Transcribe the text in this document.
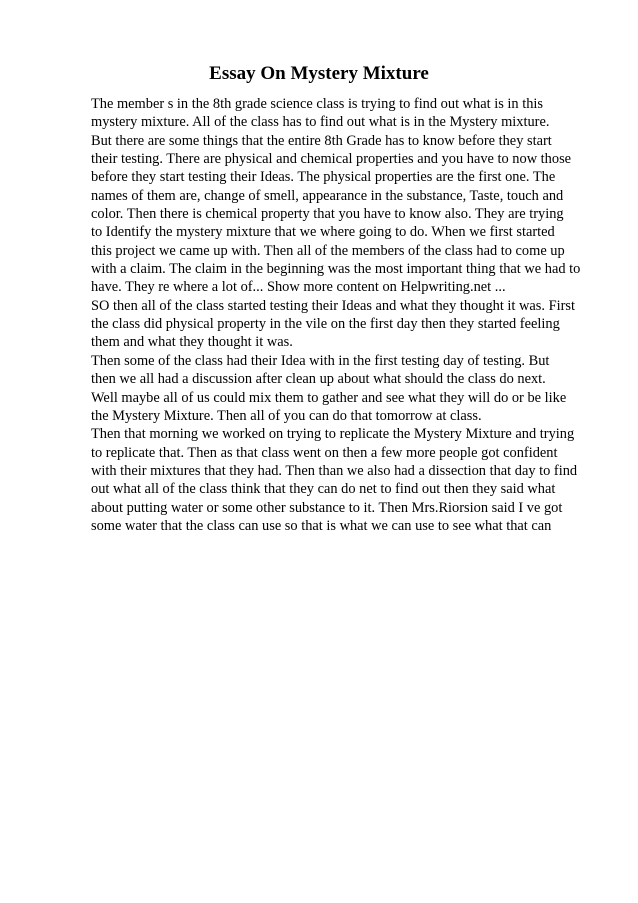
Essay On Mystery Mixture
The member s in the 8th grade science class is trying to find out what is in this
mystery mixture. All of the class has to find out what is in the Mystery mixture.
But there are some things that the entire 8th Grade has to know before they start
their testing. There are physical and chemical properties and you have to now those
before they start testing their Ideas. The physical properties are the first one. The
names of them are, change of smell, appearance in the substance, Taste, touch and
color. Then there is chemical property that you have to know also. They are trying
to Identify the mystery mixture that we where going to do. When we first started
this project we came up with. Then all of the members of the class had to come up
with a claim. The claim in the beginning was the most important thing that we had to
have. They re where a lot of... Show more content on Helpwriting.net ...
SO then all of the class started testing their Ideas and what they thought it was. First
the class did physical property in the vile on the first day then they started feeling
them and what they thought it was.
Then some of the class had their Idea with in the first testing day of testing. But
then we all had a discussion after clean up about what should the class do next.
Well maybe all of us could mix them to gather and see what they will do or be like
the Mystery Mixture. Then all of you can do that tomorrow at class.
Then that morning we worked on trying to replicate the Mystery Mixture and trying
to replicate that. Then as that class went on then a few more people got confident
with their mixtures that they had. Then than we also had a dissection that day to find
out what all of the class think that they can do net to find out then they said what
about putting water or some other substance to it. Then Mrs.Riorsion said I ve got
some water that the class can use so that is what we can use to see what that can
